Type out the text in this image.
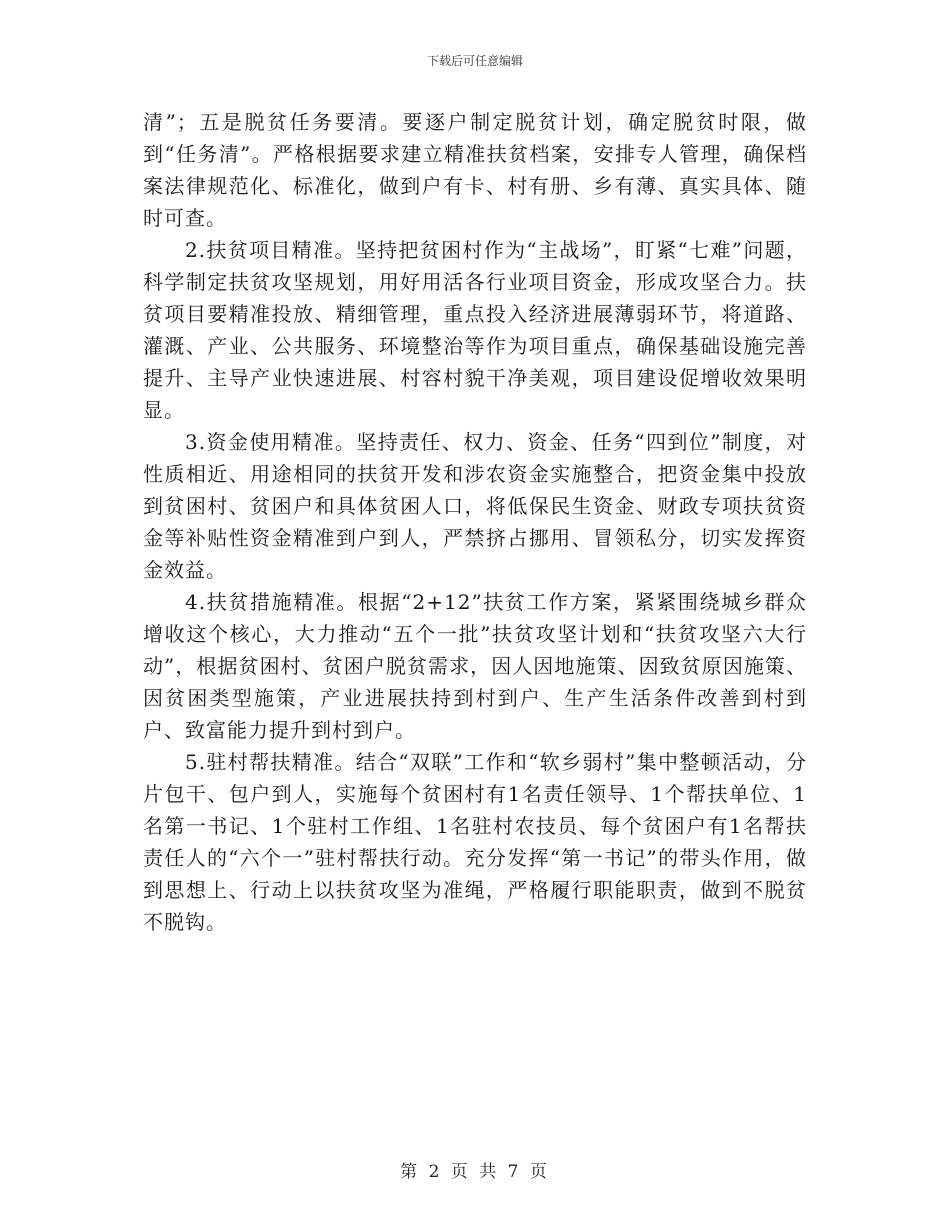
下载后可任意编辑

清”；五是脱贫任务要清。要逐户制定脱贫计划，确定脱贫时限，做到“任务清”。严格根据要求建立精准扶贫档案，安排专人管理，确保档案法律规范化、标准化，做到户有卡、村有册、乡有薄、真实具体、随时可查。

2.扶贫项目精准。坚持把贫困村作为“主战场”，盯紧“七难”问题，科学制定扶贫攻坚规划，用好用活各行业项目资金，形成攻坚合力。扶贫项目要精准投放、精细管理，重点投入经济进展薄弱环节，将道路、灌溉、产业、公共服务、环境整治等作为项目重点，确保基础设施完善提升、主导产业快速进展、村容村貌干净美观，项目建设促增收效果明显。

3.资金使用精准。坚持责任、权力、资金、任务“四到位”制度，对性质相近、用途相同的扶贫开发和涉农资金实施整合，把资金集中投放到贫困村、贫困户和具体贫困人口，将低保民生资金、财政专项扶贫资金等补贴性资金精准到户到人，严禁挤占挪用、冒领私分，切实发挥资金效益。

4.扶贫措施精准。根据“2+12”扶贫工作方案，紧紧围绕城乡群众增收这个核心，大力推动“五个一批”扶贫攻坚计划和“扶贫攻坚六大行动”，根据贫困村、贫困户脱贫需求，因人因地施策、因致贫原因施策、因贫困类型施策，产业进展扶持到村到户、生产生活条件改善到村到户、致富能力提升到村到户。

5.驻村帮扶精准。结合“双联”工作和“软乡弱村”集中整顿活动，分片包干、包户到人，实施每个贫困村有1名责任领导、1个帮扶单位、1名第一书记、1个驻村工作组、1名驻村农技员、每个贫困户有1名帮扶责任人的“六个一”驻村帮扶行动。充分发挥“第一书记”的带头作用，做到思想上、行动上以扶贫攻坚为准绳，严格履行职能职责，做到不脱贫不脱钩。

第 2 页 共 7 页
